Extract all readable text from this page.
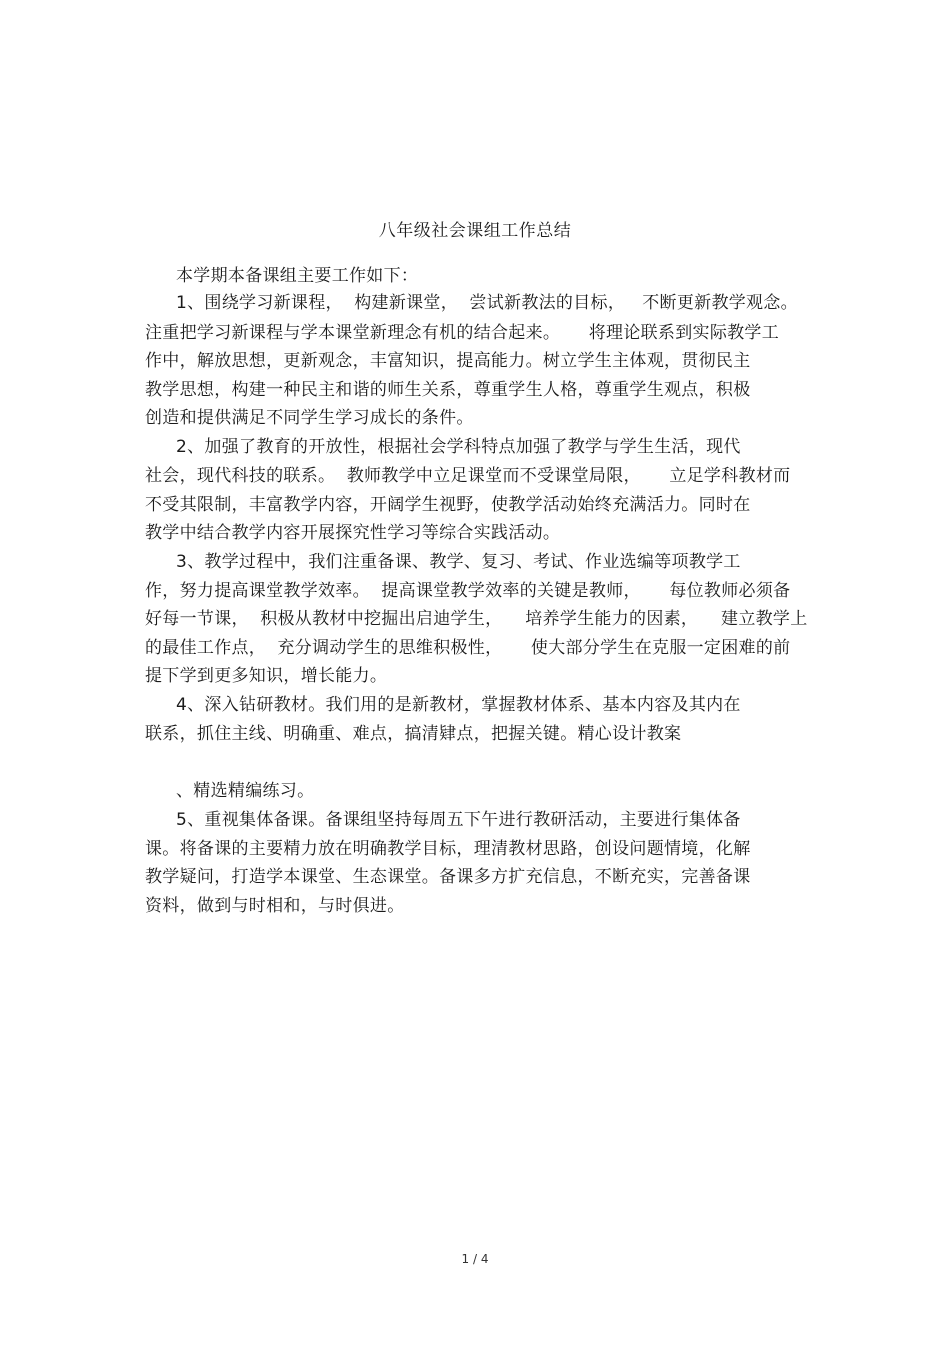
八年级社会课组工作总结
本学期本备课组主要工作如下：
1、围绕学习新课程，  构建新课堂，  尝试新教法的目标，   不断更新教学观念。
注重把学习新课程与学本课堂新理念有机的结合起来。     将理论联系到实际教学工
作中，解放思想，更新观念，丰富知识，提高能力。树立学生主体观，贯彻民主
教学思想，构建一种民主和谐的师生关系，尊重学生人格，尊重学生观点，积极
创造和提供满足不同学生学习成长的条件。
2、加强了教育的开放性，根据社会学科特点加强了教学与学生生活，现代
社会，现代科技的联系。  教师教学中立足课堂而不受课堂局限，     立足学科教材而
不受其限制，丰富教学内容，开阔学生视野，使教学活动始终充满活力。同时在
教学中结合教学内容开展探究性学习等综合实践活动。
3、教学过程中，我们注重备课、教学、复习、考试、作业选编等项教学工
作，努力提高课堂教学效率。  提高课堂教学效率的关键是教师，     每位教师必须备
好每一节课，  积极从教材中挖掘出启迪学生，    培养学生能力的因素，    建立教学上
的最佳工作点，  充分调动学生的思维积极性，     使大部分学生在克服一定困难的前
提下学到更多知识，增长能力。
4、深入钻研教材。我们用的是新教材，掌握教材体系、基本内容及其内在
联系，抓住主线、明确重、难点，搞清肄点，把握关键。精心设计教案
、精选精编练习。
5、重视集体备课。备课组坚持每周五下午进行教研活动，主要进行集体备
课。将备课的主要精力放在明确教学目标，理清教材思路，创设问题情境，化解
教学疑问，打造学本课堂、生态课堂。备课多方扩充信息，不断充实，完善备课
资料，做到与时相和，与时俱进。
1 / 4
